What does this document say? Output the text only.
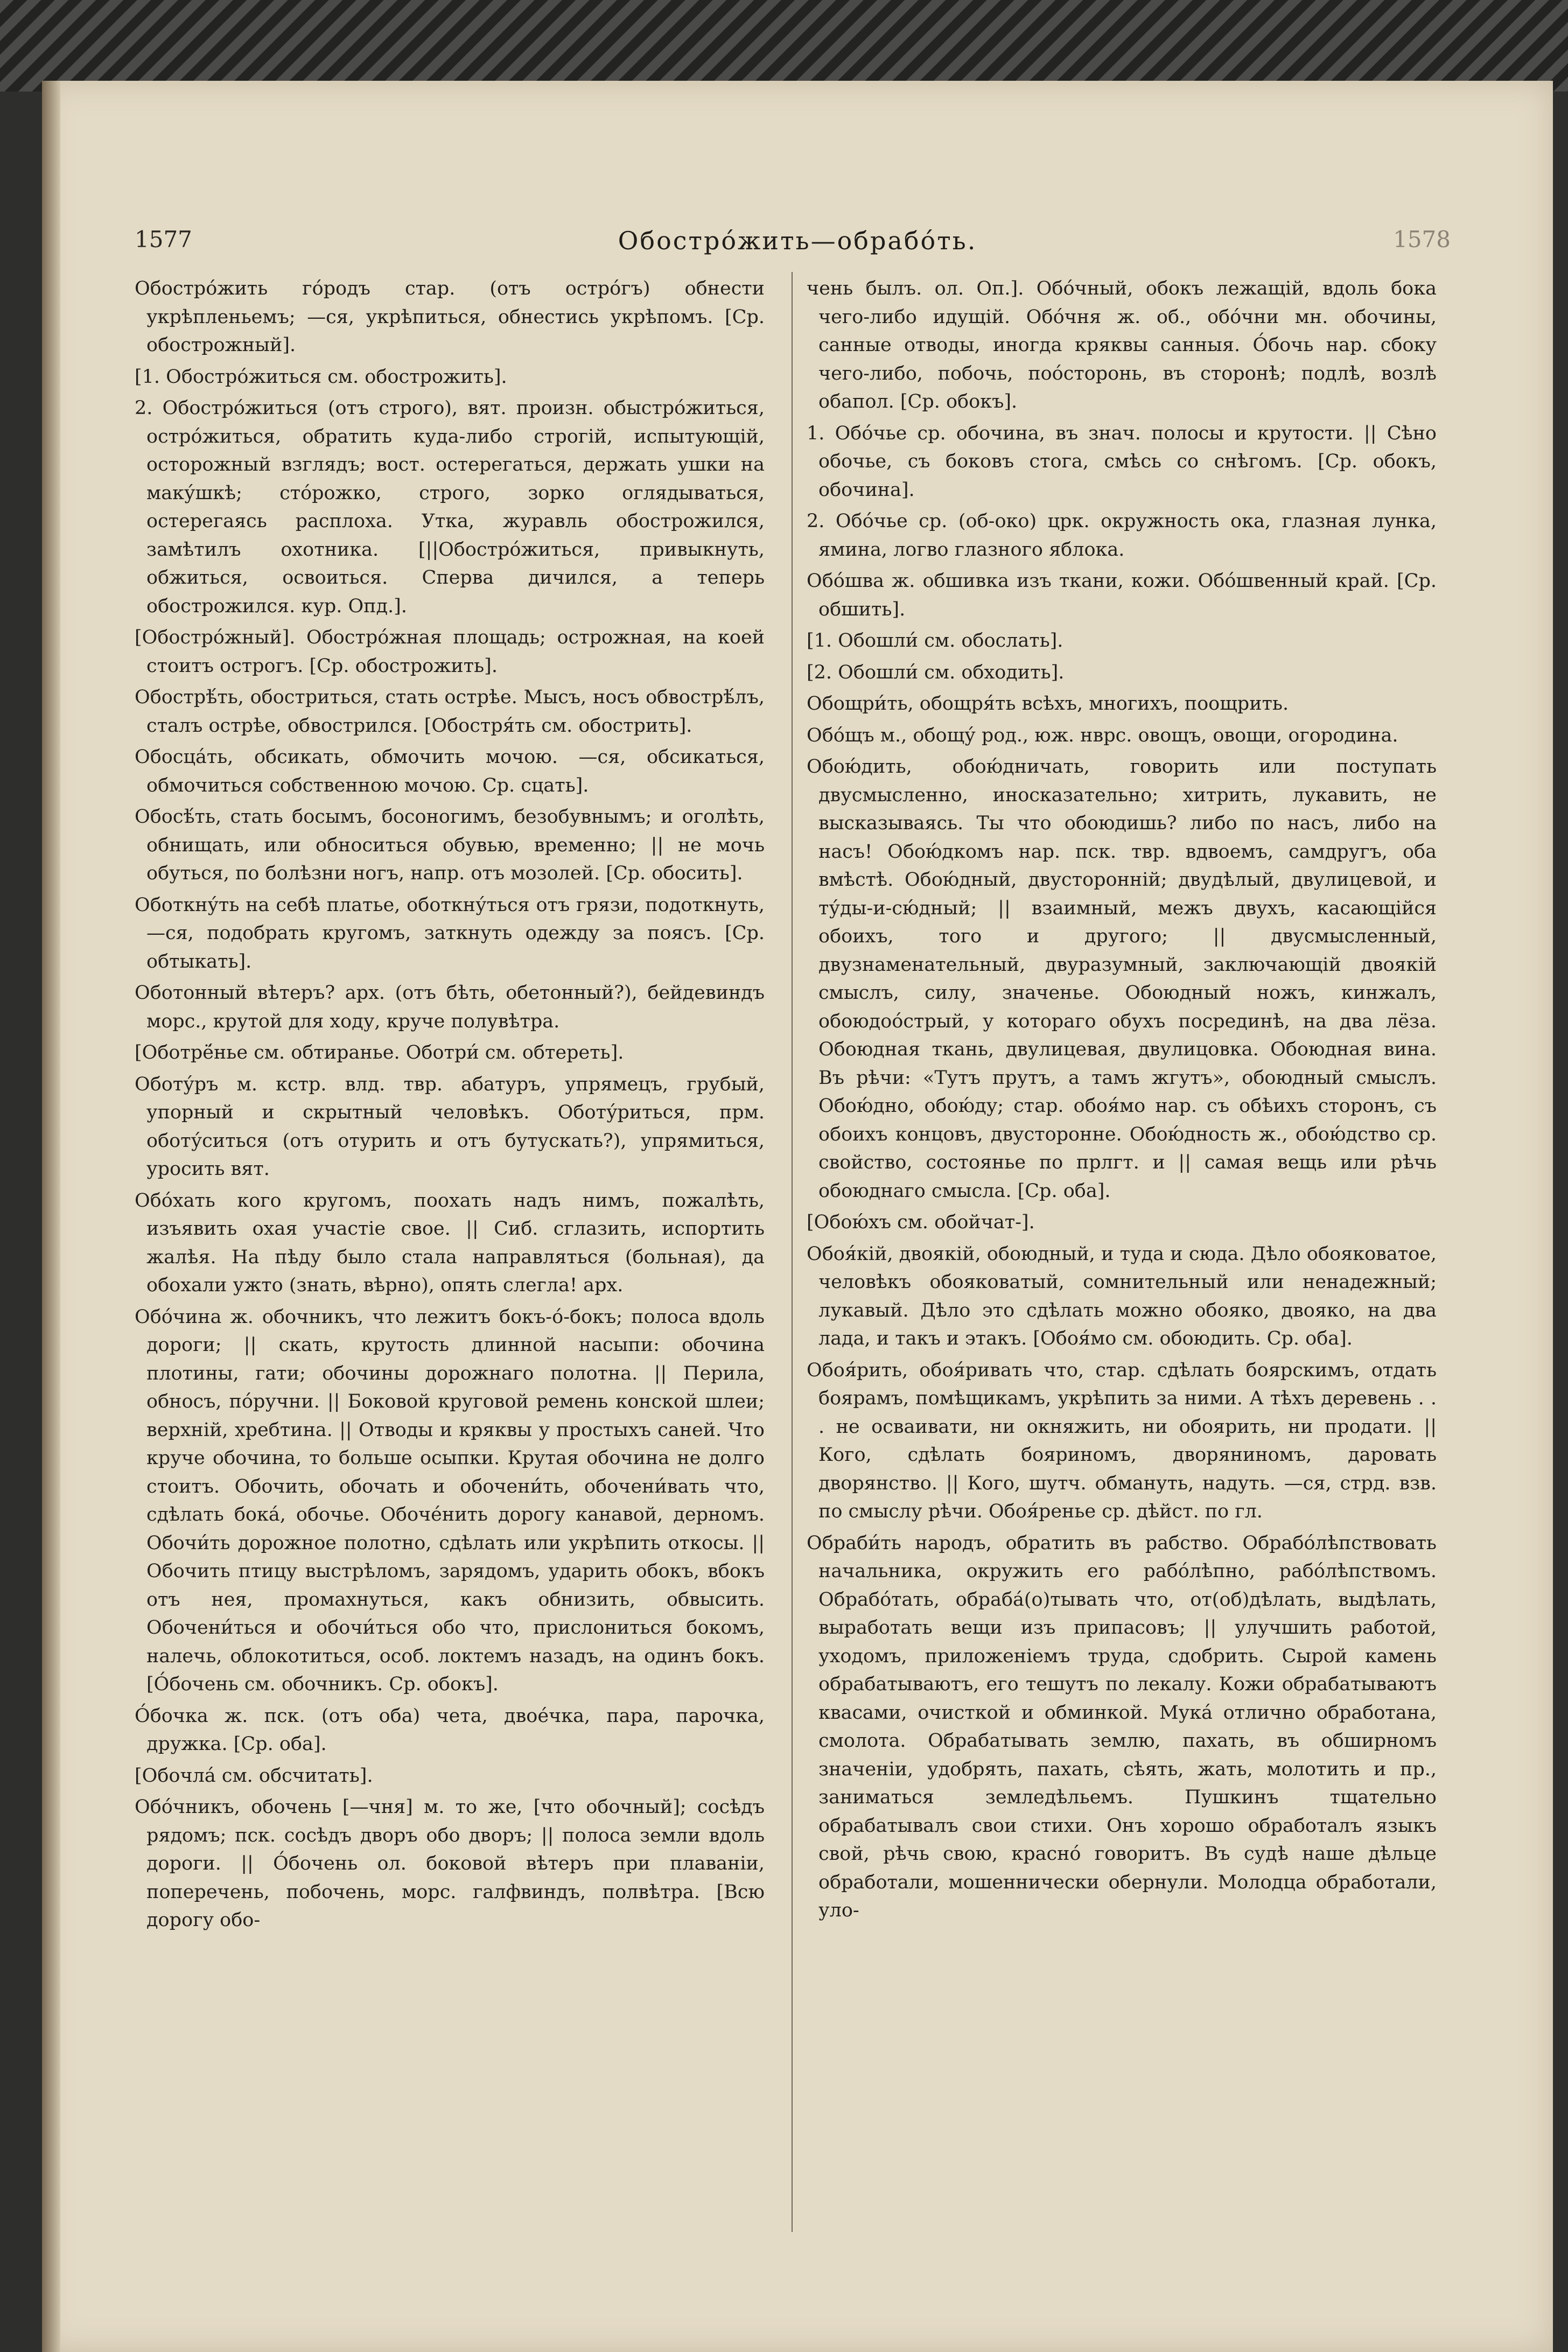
1577	Обостро́жить—обрабо́ть.	1578

Обостро́жить го́родъ стар. (отъ остро́гъ) обнести укрѣпленьемъ; —ся, укрѣпиться, обнестись укрѣпомъ. [Ср. обострожный].

[1. Обостро́житься см. обострожить].

2. Обостро́житься (отъ строго), вят. произн. обыстро́житься, остро́житься, обратить куда-либо строгій, испытующій, осторожный взглядъ; вост. остерегаться, держать ушки на маку́шкѣ; сто́рожко, строго, зорко оглядываться, остерегаясь расплоха. Утка, журавль обострожился, замѣтилъ охотника. [||Обостро́житься, привыкнуть, обжиться, освоиться. Сперва дичился, а теперь обострожился. кур. Опд.].

[Обостро́жный]. Обостро́жная площадь; острожная, на коей стоитъ острогъ. [Ср. обострожить].

Обострѣ́ть, обостриться, стать острѣе. Мысъ, носъ обвострѣ́лъ, сталъ острѣе, обвострился. [Обостря́ть см. обострить].

Обосца́ть, обсикать, обмочить мочою. —ся, обсикаться, обмочиться собственною мочою. Ср. сцать].

Обосѣ́ть, стать босымъ, босоногимъ, безобувнымъ; и оголѣть, обнищать, или обноситься обувью, временно; || не мочь обуться, по болѣзни ногъ, напр. отъ мозолей. [Ср. обосить].

Оботкну́ть на себѣ платье, оботкну́ться отъ грязи, подоткнуть, —ся, подобрать кругомъ, заткнуть одежду за поясъ. [Ср. обтыкать].

Оботонный вѣтеръ? арх. (отъ бѣть, обетонный?), бейдевиндъ морс., крутой для ходу, круче полувѣтра.

[Оботрё́нье см. обтиранье. Оботри́ см. обтереть].

Оботу́ръ м. кстр. влд. твр. абатуръ, упрямецъ, грубый, упорный и скрытный человѣкъ. Оботу́риться, прм. оботу́ситься (отъ отурить и отъ бутускать?), упрямиться, уросить вят.

Обо́хать кого кругомъ, поохать надъ нимъ, пожалѣть, изъявить охая участіе свое. || Сиб. сглазить, испортить жалѣя. На пѣду было стала направляться (больная), да обохали ужто (знать, вѣрно), опять слегла! арх.

Обо́чина ж. обочникъ, что лежитъ бокъ-ό-бокъ; полоса вдоль дороги; || скать, крутость длинной насыпи: обочина плотины, гати; обочины дорожнаго полотна. || Перила, обносъ, по́ручни. || Боковой круговой ремень конской шлеи; верхній, хребтина. || Отводы и кряквы у простыхъ саней. Что круче обочина, то больше осыпки. Крутая обочина не долго стоитъ. Обочить, обочать и обочени́ть, обочени́вать что, сдѣлать бока́, обочье. Обоче́нить дорогу канавой, дерномъ. Обочи́ть дорожное полотно, сдѣлать или укрѣпить откосы. || Обочить птицу выстрѣломъ, зарядомъ, ударить обокъ, вбокъ отъ нея, промахнуться, какъ обнизить, обвысить. Обочени́ться и обочи́ться обо что, прислониться бокомъ, налечь, облокотиться, особ. локтемъ назадъ, на одинъ бокъ. [О́бочень см. обочникъ. Ср. обокъ].

О́бочка ж. пск. (отъ оба) чета, двое́чка, пара, парочка, дружка. [Ср. оба].

[Обочла́ см. обсчитать].

Обо́чникъ, обочень [—чня] м. то же, [что обочный]; сосѣдъ рядомъ; пск. сосѣдъ дворъ обо дворъ; || полоса земли вдоль дороги. || О́бочень ол. боковой вѣтеръ при плаваніи, поперечень, побочень, морс. галфвиндъ, полвѣтра. [Всю дорогу обо-

чень былъ. ол. Оп.]. Обо́чный, обокъ лежащій, вдоль бока чего-либо идущій. Обо́чня ж. об., обо́чни мн. обочины, санные отводы, иногда кряквы санныя. О́бочь нар. сбоку чего-либо, побочь, поо́сторонь, въ сторонѣ; подлѣ, возлѣ обапол. [Ср. обокъ].

1. Обо́чье ср. обочина, въ знач. полосы и крутости. || Сѣно обочье, съ боковъ стога, смѣсь со снѣгомъ. [Ср. обокъ, обочина].

2. Обо́чье ср. (об-око) црк. окружность ока, глазная лунка, ямина, логво глазного яблока.

Обо́шва ж. обшивка изъ ткани, кожи. Обо́швенный край. [Ср. обшить].

[1. Обошли́ см. обослать].

[2. Обошли́ см. обходить].

Обощри́ть, обощря́ть всѣхъ, многихъ, поощрить.

Обо́щъ м., обощу́ род., юж. нврс. овощъ, овощи, огородина.

Обою́дить, обою́дничать, говорить или поступать двусмысленно, иносказательно; хитрить, лукавить, не высказываясь. Ты что обоюдишь? либо по насъ, либо на насъ! Обою́дкомъ нар. пск. твр. вдвоемъ, самдругъ, оба вмѣстѣ. Обою́дный, двусторонній; двудѣлый, двулицевой, и ту́ды-и-сю́дный; || взаимный, межъ двухъ, касающійся обоихъ, того и другого; || двусмысленный, двузнаменательный, двуразумный, заключающій двоякій смыслъ, силу, значенье. Обоюдный ножъ, кинжалъ, обоюдоо́стрый, у котораго обухъ посрединѣ, на два лёза. Обоюдная ткань, двулицевая, двулицовка. Обоюдная вина. Въ рѣчи: «Тутъ прутъ, а тамъ жгутъ», обоюдный смыслъ. Обою́дно, обою́ду; стар. обоя́мо нар. съ обѣихъ сторонъ, съ обоихъ концовъ, двусторонне. Обою́дность ж., обою́дство ср. свойство, состоянье по прлгт. и || самая вещь или рѣчь обоюднаго смысла. [Ср. оба].

[Обою́хъ см. обойчат-].

Обоя́кій, двоякій, обоюдный, и туда и сюда. Дѣло обояковатое, человѣкъ обояковатый, сомнительный или ненадежный; лукавый. Дѣло это сдѣлать можно обояко, двояко, на два лада, и такъ и этакъ. [Обоя́мо см. обоюдить. Ср. оба].

Обоя́рить, обоя́ривать что, стар. сдѣлать боярскимъ, отдать боярамъ, помѣщикамъ, укрѣпить за ними. А тѣхъ деревень . . . не осваивати, ни окняжить, ни обоярить, ни продати. || Кого, сдѣлать бояриномъ, дворяниномъ, даровать дворянство. || Кого, шутч. обмануть, надуть. —ся, стрд. взв. по смыслу рѣчи. Обоя́ренье ср. дѣйст. по гл.

Обраби́ть народъ, обратить въ рабство. Обрабо́лѣпствовать начальника, окружить его рабо́лѣпно, рабо́лѣпствомъ. Обрабо́тать, обраба́(о)тывать что, от(об)дѣлать, выдѣлать, выработать вещи изъ припасовъ; || улучшить работой, уходомъ, приложеніемъ труда, сдобрить. Сырой камень обрабатываютъ, его тешутъ по лекалу. Кожи обрабатываютъ квасами, очисткой и обминкой. Мука́ отлично обработана, смолота. Обрабатывать землю, пахать, въ обширномъ значеніи, удобрять, пахать, сѣять, жать, молотить и пр., заниматься земледѣльемъ. Пушкинъ тщательно обрабатывалъ свои стихи. Онъ хорошо обработалъ языкъ свой, рѣчь свою, красно́ говоритъ. Въ судѣ наше дѣльце обработали, мошеннически обернули. Молодца обработали, уло-
